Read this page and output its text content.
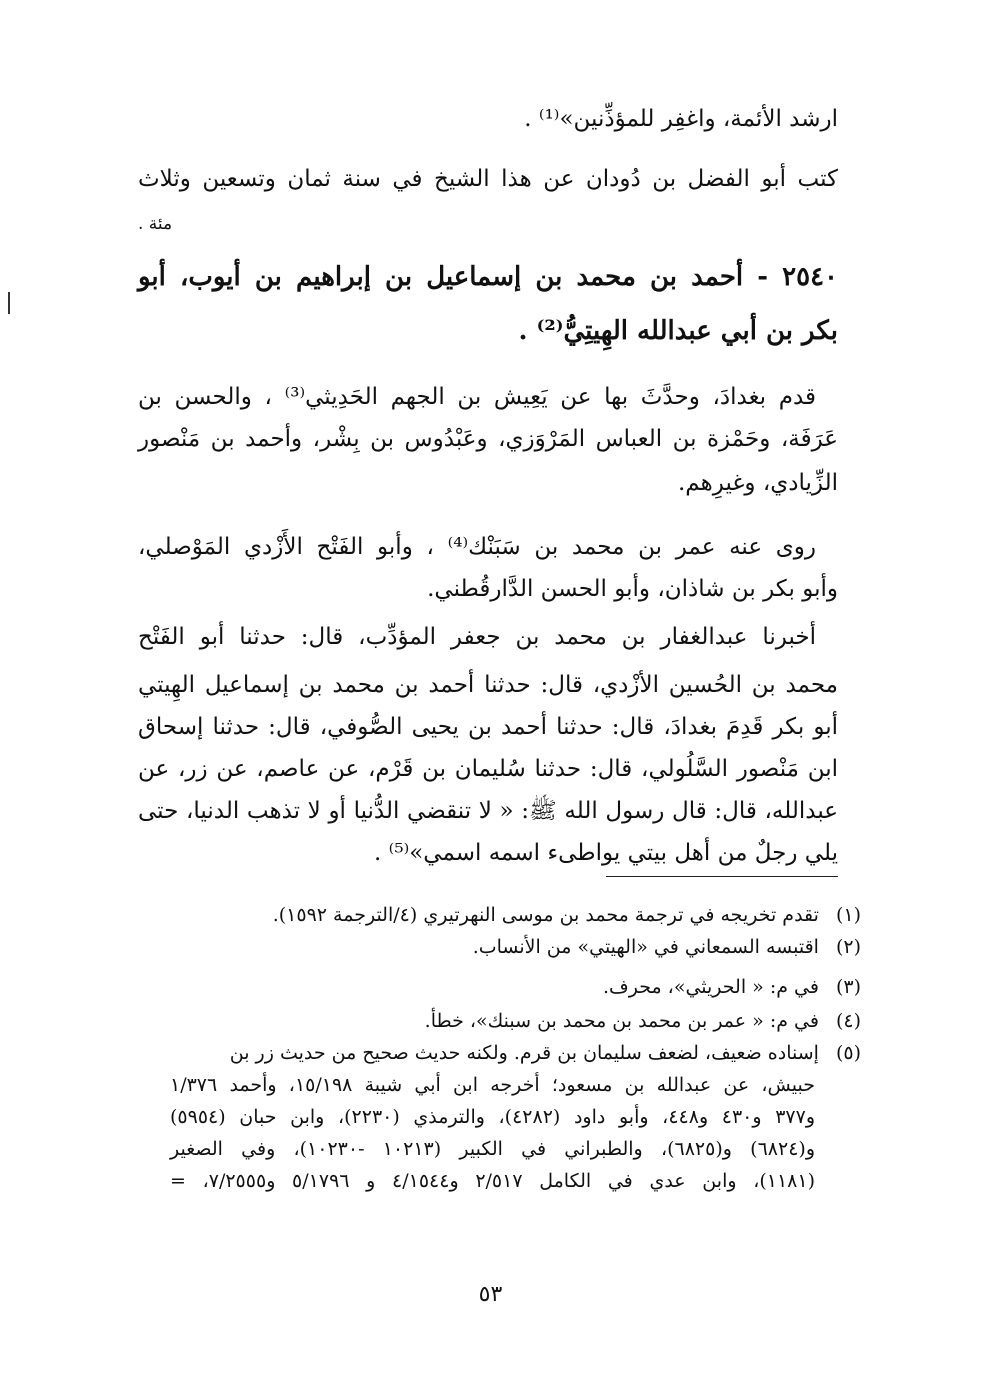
ارشد الأئمة، واغفِر للمؤذِّنين»⁽¹⁾ .
كتب أبو الفضل بن دُودان عن هذا الشيخ في سنة ثمان وتسعين وثلاث
مئة .
٢٥٤٠ - أحمد بن محمد بن إسماعيل بن إبراهيم بن أيوب، أبو
بكر بن أبي عبدالله الهِيتِيُّ⁽²⁾ .
قدم بغدادَ، وحدَّثَ بها عن يَعِيش بن الجهم الحَدِيثي⁽³⁾ ، والحسن بن
عَرَفَة، وحَمْزة بن العباس المَرْوَزي، وعَبْدُوس بن بِشْر، وأحمد بن مَنْصور
الزِّيادي، وغيرِهم.
روى عنه عمر بن محمد بن سَبَنْك⁽⁴⁾ ، وأبو الفَتْح الأَزْدي المَوْصلي،
وأبو بكر بن شاذان، وأبو الحسن الدَّارقُطني.
أخبرنا عبدالغفار بن محمد بن جعفر المؤدِّب، قال: حدثنا أبو الفَتْح
محمد بن الحُسين الأزْدي، قال: حدثنا أحمد بن محمد بن إسماعيل الهِيتي
أبو بكر قَدِمَ بغدادَ، قال: حدثنا أحمد بن يحيى الصُّوفي، قال: حدثنا إسحاق
ابن مَنْصور السَّلُولي، قال: حدثنا سُليمان بن قَرْم، عن عاصم، عن زر، عن
عبدالله، قال: قال رسول الله ﷺ: « لا تنقضي الدُّنيا أو لا تذهب الدنيا، حتى
يلي رجلٌ من أهل بيتي يواطىء اسمه اسمي»⁽⁵⁾ .
(١) تقدم تخريجه في ترجمة محمد بن موسى النهرتيري (٤/الترجمة ١٥٩٢).
(٢) اقتبسه السمعاني في «الهيتي» من الأنساب.
(٣) في م: « الحريثي»، محرف.
(٤) في م: « عمر بن محمد بن محمد بن سبنك»، خطأ.
(٥) إسناده ضعيف، لضعف سليمان بن قرم. ولكنه حديث صحيح من حديث زر بن
حبيش، عن عبدالله بن مسعود؛ أخرجه ابن أبي شيبة ١٥/١٩٨، وأحمد ١/٣٧٦
و٣٧٧ و٤٣٠ و٤٤٨، وأبو داود (٤٢٨٢)، والترمذي (٢٢٣٠)، وابن حبان (٥٩٥٤)
و(٦٨٢٤) و(٦٨٢٥)، والطبراني في الكبير (١٠٢١٣ -١٠٢٣٠)، وفي الصغير
(١١٨١)، وابن عدي في الكامل ٢/٥١٧ و٤/١٥٤٤ و ٥/١٧٩٦ و٧/٢٥٥٥، =
٥٣
